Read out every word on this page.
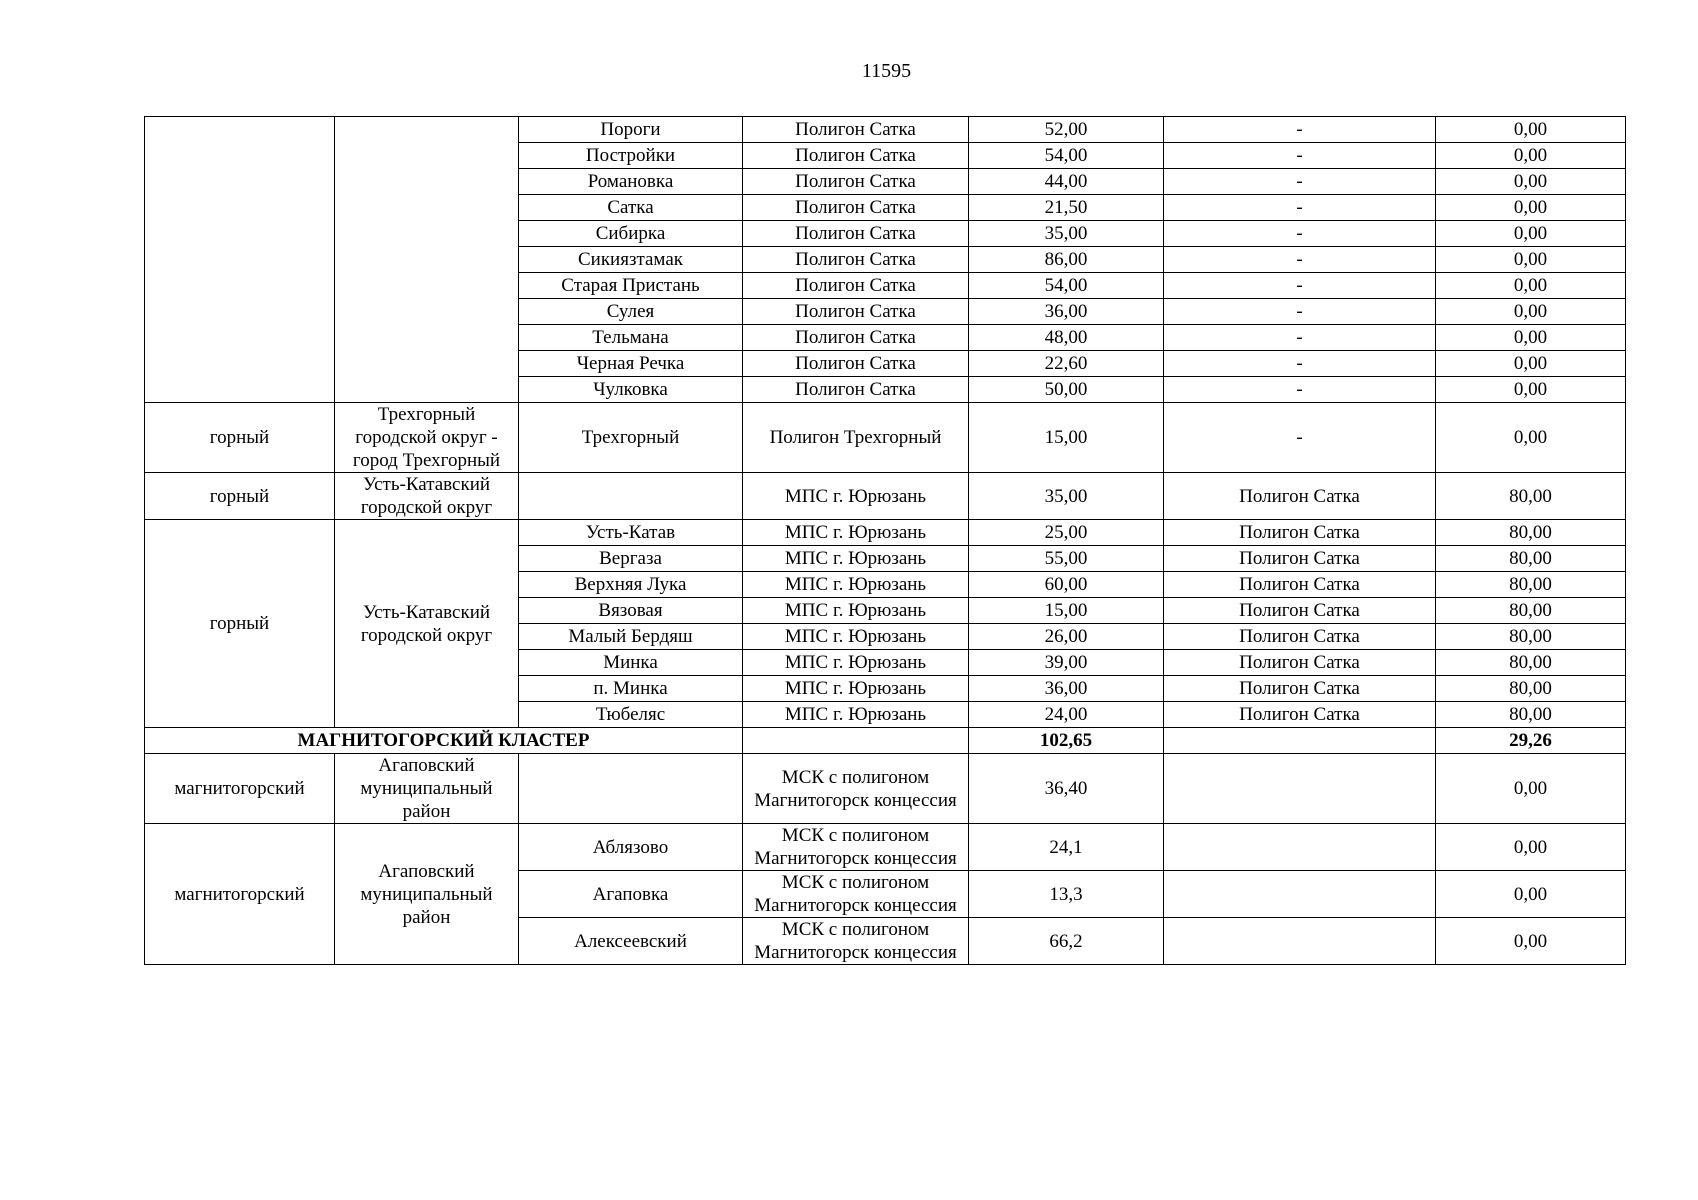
11595
		Пороги	Полигон Сатка	52,00	-	0,00
		Постройки	Полигон Сатка	54,00	-	0,00
		Романовка	Полигон Сатка	44,00	-	0,00
		Сатка	Полигон Сатка	21,50	-	0,00
		Сибирка	Полигон Сатка	35,00	-	0,00
		Сикиязтамак	Полигон Сатка	86,00	-	0,00
		Старая Пристань	Полигон Сатка	54,00	-	0,00
		Сулея	Полигон Сатка	36,00	-	0,00
		Тельмана	Полигон Сатка	48,00	-	0,00
		Черная Речка	Полигон Сатка	22,60	-	0,00
		Чулковка	Полигон Сатка	50,00	-	0,00
горный	Трехгорный городской округ - город Трехгорный	Трехгорный	Полигон Трехгорный	15,00	-	0,00
горный	Усть-Катавский городской округ		МПС г. Юрюзань	35,00	Полигон Сатка	80,00
горный	Усть-Катавский городской округ	Усть-Катав	МПС г. Юрюзань	25,00	Полигон Сатка	80,00
		Вергаза	МПС г. Юрюзань	55,00	Полигон Сатка	80,00
		Верхняя Лука	МПС г. Юрюзань	60,00	Полигон Сатка	80,00
		Вязовая	МПС г. Юрюзань	15,00	Полигон Сатка	80,00
		Малый Бердяш	МПС г. Юрюзань	26,00	Полигон Сатка	80,00
		Минка	МПС г. Юрюзань	39,00	Полигон Сатка	80,00
		п. Минка	МПС г. Юрюзань	36,00	Полигон Сатка	80,00
		Тюбеляс	МПС г. Юрюзань	24,00	Полигон Сатка	80,00
МАГНИТОГОРСКИЙ КЛАСТЕР				102,65		29,26
магнитогорский	Агаповский муниципальный район		МСК с полигоном Магнитогорск концессия	36,40		0,00
магнитогорский	Агаповский муниципальный район	Аблязово	МСК с полигоном Магнитогорск концессия	24,1		0,00
		Агаповка	МСК с полигоном Магнитогорск концессия	13,3		0,00
		Алексеевский	МСК с полигоном Магнитогорск концессия	66,2		0,00
